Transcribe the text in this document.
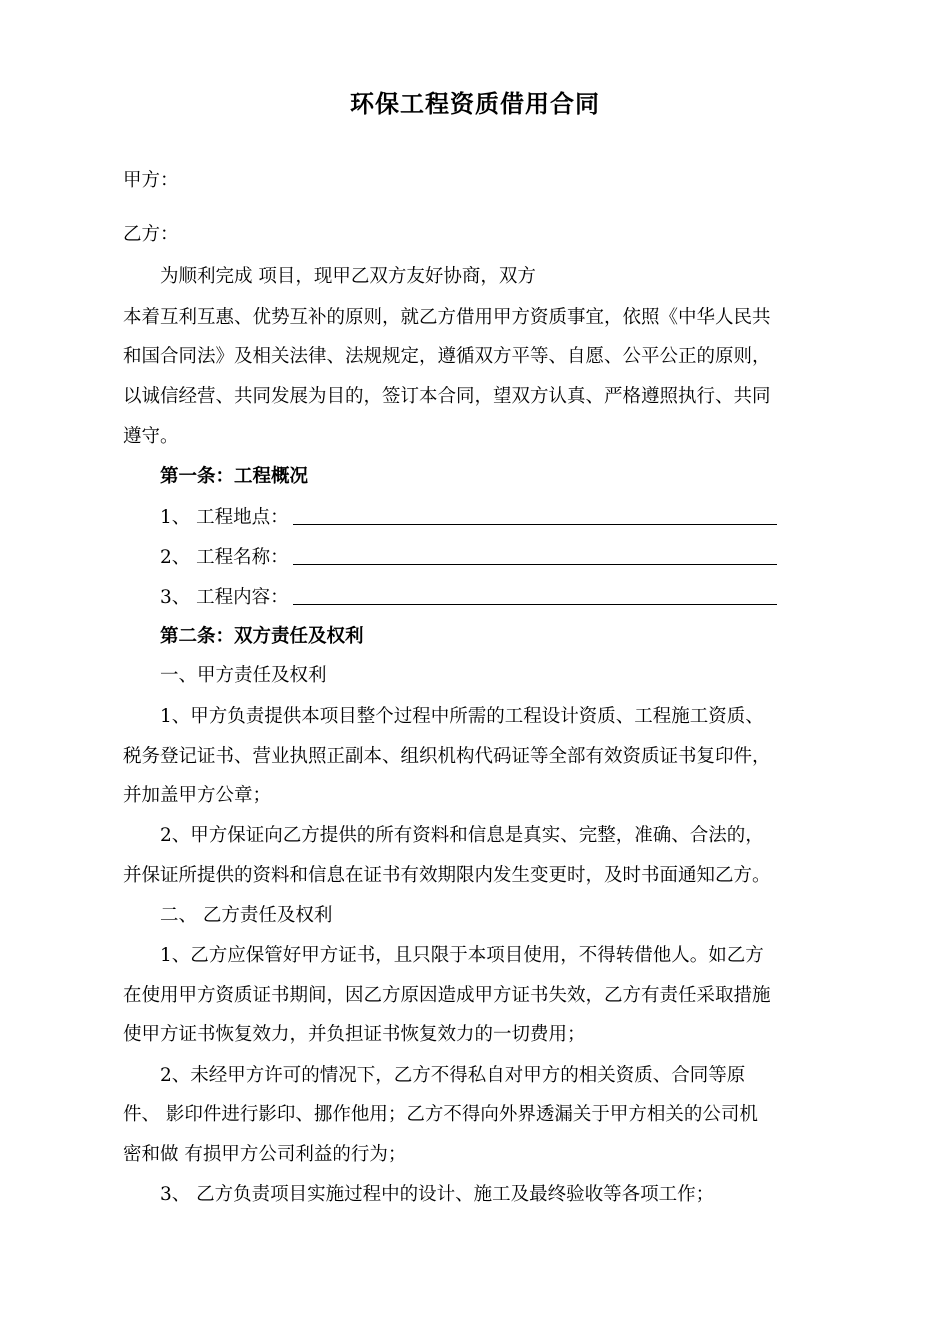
环保工程资质借用合同
甲方：
乙方：
为顺利完成 项目，现甲乙双方友好协商，双方
本着互利互惠、优势互补的原则，就乙方借用甲方资质事宜，依照《中华人民共
和国合同法》及相关法律、法规规定，遵循双方平等、自愿、公平公正的原则，
以诚信经营、共同发展为目的，签订本合同，望双方认真、严格遵照执行、共同
遵守。
第一条：工程概况
1、 工程地点：
2、 工程名称：
3、 工程内容：
第二条：双方责任及权利
一、甲方责任及权利
1、甲方负责提供本项目整个过程中所需的工程设计资质、工程施工资质、
税务登记证书、营业执照正副本、组织机构代码证等全部有效资质证书复印件，
并加盖甲方公章；
2、甲方保证向乙方提供的所有资料和信息是真实、完整，准确、合法的，
并保证所提供的资料和信息在证书有效期限内发生变更时，及时书面通知乙方。
二、 乙方责任及权利
1、乙方应保管好甲方证书，且只限于本项目使用，不得转借他人。如乙方
在使用甲方资质证书期间，因乙方原因造成甲方证书失效，乙方有责任采取措施
使甲方证书恢复效力，并负担证书恢复效力的一切费用；
2、未经甲方许可的情况下，乙方不得私自对甲方的相关资质、合同等原
件、 影印件进行影印、挪作他用；乙方不得向外界透漏关于甲方相关的公司机
密和做 有损甲方公司利益的行为；
3、 乙方负责项目实施过程中的设计、施工及最终验收等各项工作；
